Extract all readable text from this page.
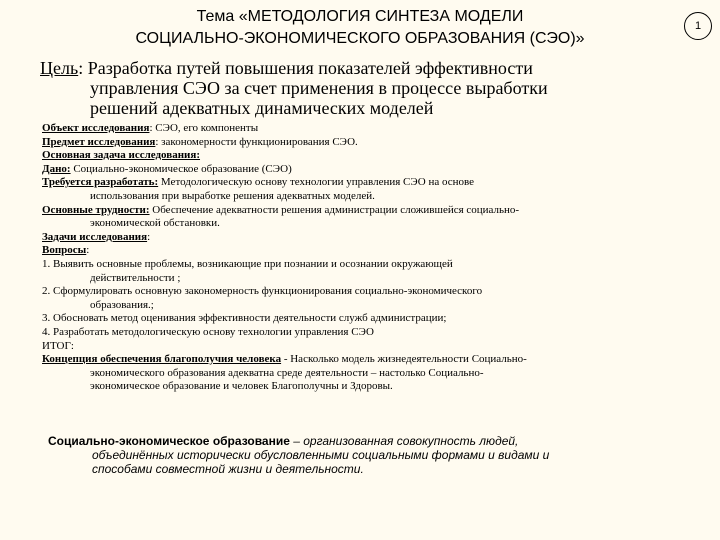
Тема «МЕТОДОЛОГИЯ СИНТЕЗА МОДЕЛИ
СОЦИАЛЬНО-ЭКОНОМИЧЕСКОГО ОБРАЗОВАНИЯ (СЭО)»
1
Цель: Разработка путей повышения показателей эффективности
управления СЭО за счет применения в процессе выработки
решений адекватных динамических моделей

Объект исследования: СЭО, его компоненты

Предмет исследования: закономерности функционирования СЭО.

Основная задача исследования:

Дано: Социально-экономическое образование (СЭО)

Требуется разработать: Методологическую основу технологии управления СЭО на основе
использования при выработке решения адекватных моделей.

Основные трудности: Обеспечение адекватности решения администрации сложившейся социально-
экономической обстановки.

Задачи исследования:

Вопросы:

1. Выявить основные проблемы, возникающие при познании и осознании окружающей
действительности ;

2. Сформулировать основную закономерность функционирования социально-экономического
образования.;

3. Обосновать метод оценивания эффективности деятельности служб администрации;

4. Разработать методологическую основу технологии управления СЭО

ИТОГ:

Концепция обеспечения благополучия человека - Насколько модель жизнедеятельности Социально-
экономического образования адекватна среде деятельности – настолько Социально-
экономическое образование и человек Благополучны и Здоровы.

Социально-экономическое образование – организованная совокупность людей,
объединённых исторически обусловленными социальными формами и видами и
способами совместной жизни и деятельности.
